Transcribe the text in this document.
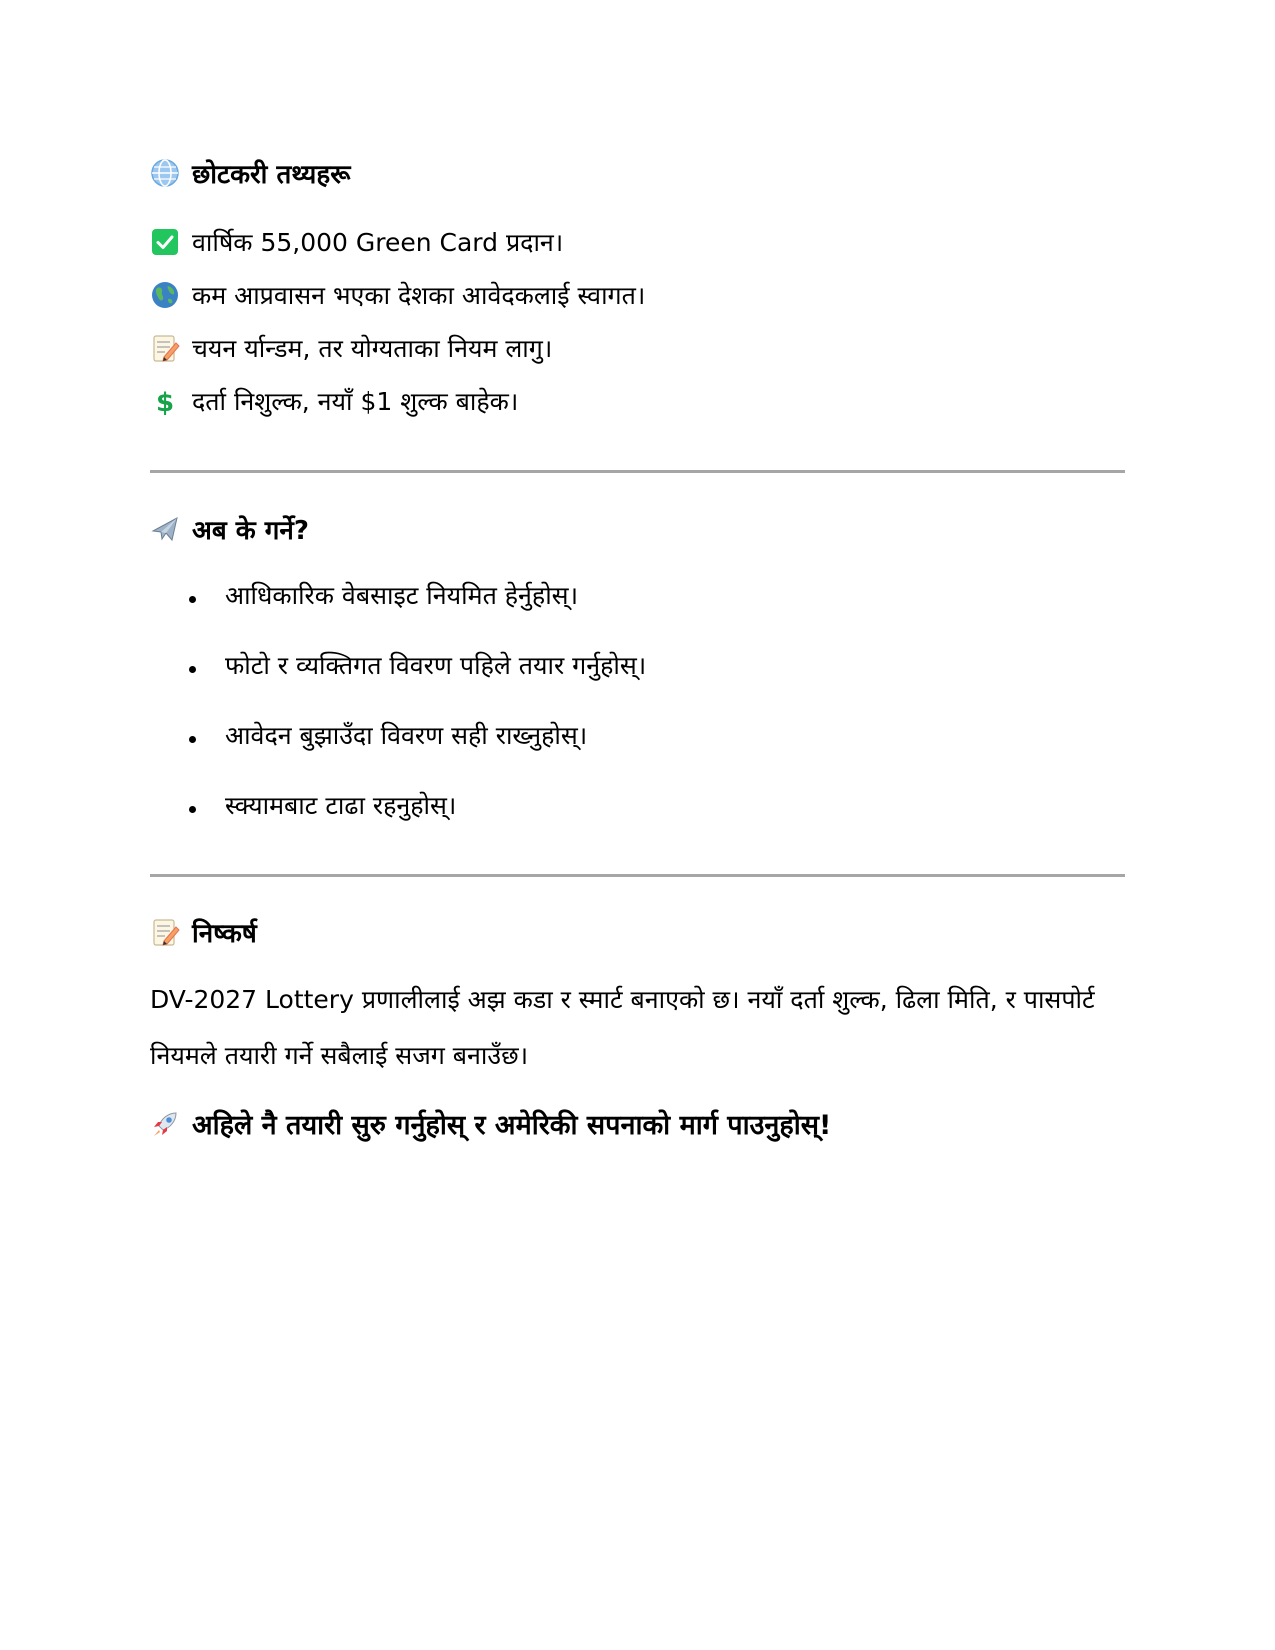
छोटकरी तथ्यहरू
वार्षिक 55,000 Green Card प्रदान।
कम आप्रवासन भएका देशका आवेदकलाई स्वागत।
चयन र्यान्डम, तर योग्यताका नियम लागु।
$ दर्ता निशुल्क, नयाँ $1 शुल्क बाहेक।
अब के गर्ने?
आधिकारिक वेबसाइट नियमित हेर्नुहोस्।
फोटो र व्यक्तिगत विवरण पहिले तयार गर्नुहोस्।
आवेदन बुझाउँदा विवरण सही राख्नुहोस्।
स्क्यामबाट टाढा रहनुहोस्।
निष्कर्ष
DV-2027 Lottery प्रणालीलाई अझ कडा र स्मार्ट बनाएको छ। नयाँ दर्ता शुल्क, ढिला मिति, र पासपोर्ट नियमले तयारी गर्ने सबैलाई सजग बनाउँछ।
अहिले नै तयारी सुरु गर्नुहोस् र अमेरिकी सपनाको मार्ग पाउनुहोस्!
